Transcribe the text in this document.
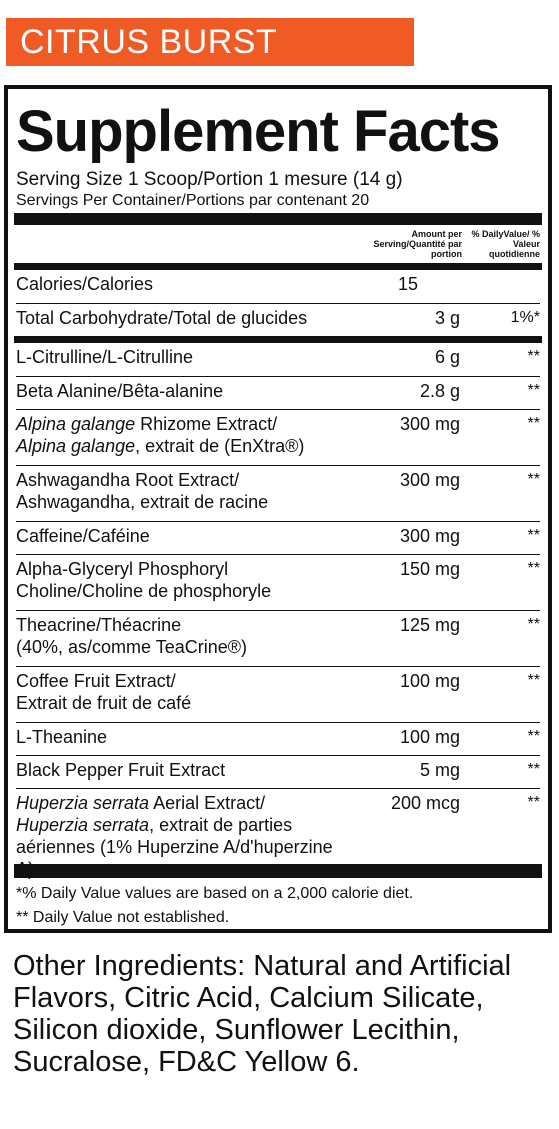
CITRUS BURST
Supplement Facts
Serving Size 1 Scoop/Portion 1 mesure (14 g)
Servings Per Container/Portions par contenant 20
Amount per Serving/Quantité par portion
% DailyValue/ % Valeur quotidienne
Calories/Calories	15
Total Carbohydrate/Total de glucides	3 g	1%*
L-Citrulline/L-Citrulline	6 g	**
Beta Alanine/Bêta-alanine	2.8 g	**
Alpina galange Rhizome Extract/
Alpina galange, extrait de (EnXtra®)
300 mg	**
Ashwagandha Root Extract/
Ashwagandha, extrait de racine
300 mg	**
Caffeine/Caféine	300 mg	**
Alpha-Glyceryl Phosphoryl
Choline/Choline de phosphoryle
150 mg	**
Theacrine/Théacrine
(40%, as/comme TeaCrine®)
125 mg	**
Coffee Fruit Extract/
Extrait de fruit de café
100 mg	**
L-Theanine	100 mg	**
Black Pepper Fruit Extract	5 mg	**
Huperzia serrata Aerial Extract/
Huperzia serrata, extrait de parties
aériennes (1% Huperzine A/d'huperzine A)
200 mcg	**
*% Daily Value values are based on a 2,000 calorie diet.
** Daily Value not established.
Other Ingredients: Natural and Artificial Flavors, Citric Acid, Calcium Silicate, Silicon dioxide, Sunflower Lecithin, Sucralose, FD&C Yellow 6.
